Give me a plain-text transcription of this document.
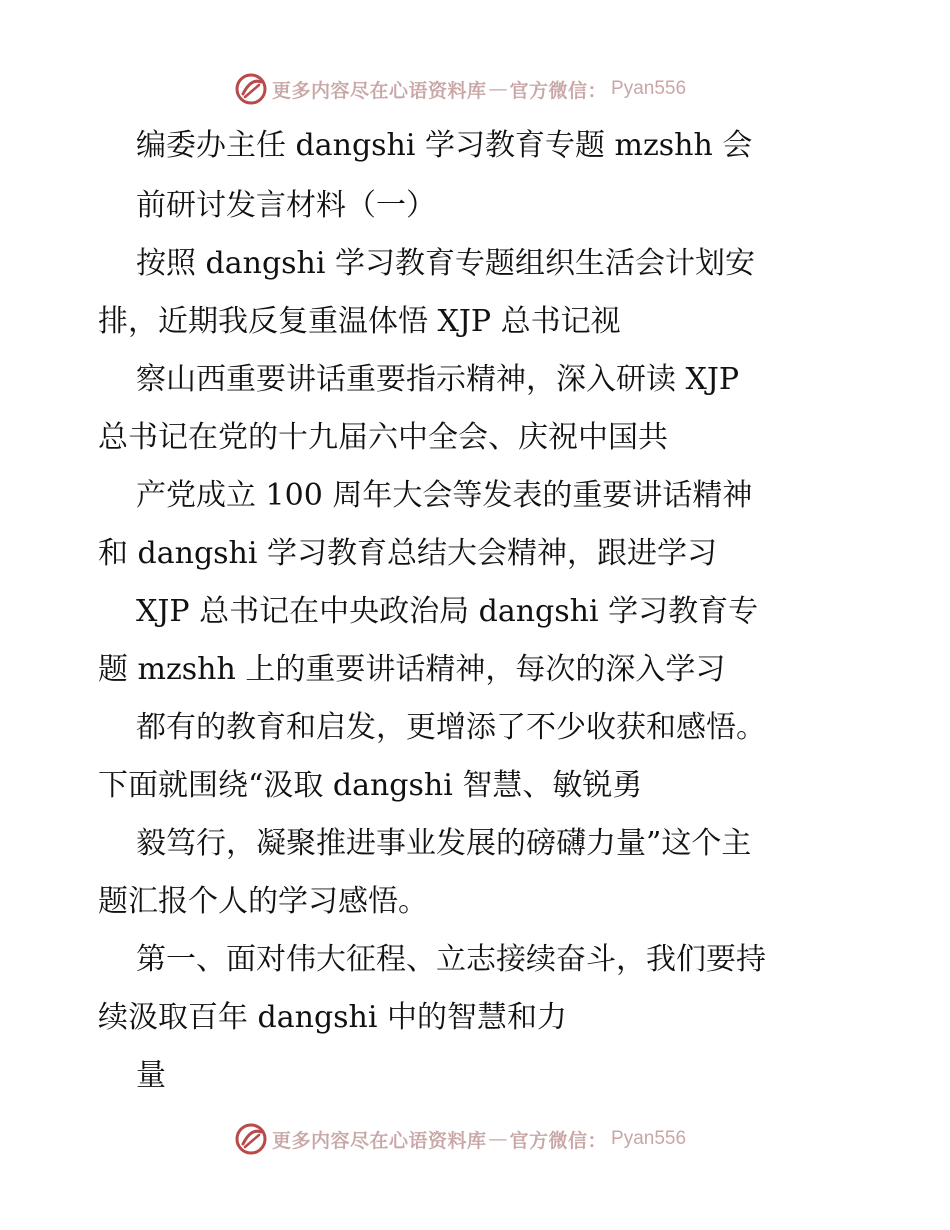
更多内容尽在心语资料库 — 官方微信： Pyan556
编委办主任 dangshi 学习教育专题 mzshh 会
前研讨发言材料（一）
按照 dangshi 学习教育专题组织生活会计划安
排，近期我反复重温体悟 XJP 总书记视
察山西重要讲话重要指示精神，深入研读 XJP
总书记在党的十九届六中全会、庆祝中国共
产党成立 100 周年大会等发表的重要讲话精神
和 dangshi 学习教育总结大会精神，跟进学习
XJP 总书记在中央政治局 dangshi 学习教育专
题 mzshh 上的重要讲话精神，每次的深入学习
都有的教育和启发，更增添了不少收获和感悟。
下面就围绕“汲取 dangshi 智慧、敏锐勇
毅笃行，凝聚推进事业发展的磅礴力量”这个主
题汇报个人的学习感悟。
第一、面对伟大征程、立志接续奋斗，我们要持
续汲取百年 dangshi 中的智慧和力
量
更多内容尽在心语资料库 — 官方微信： Pyan556
